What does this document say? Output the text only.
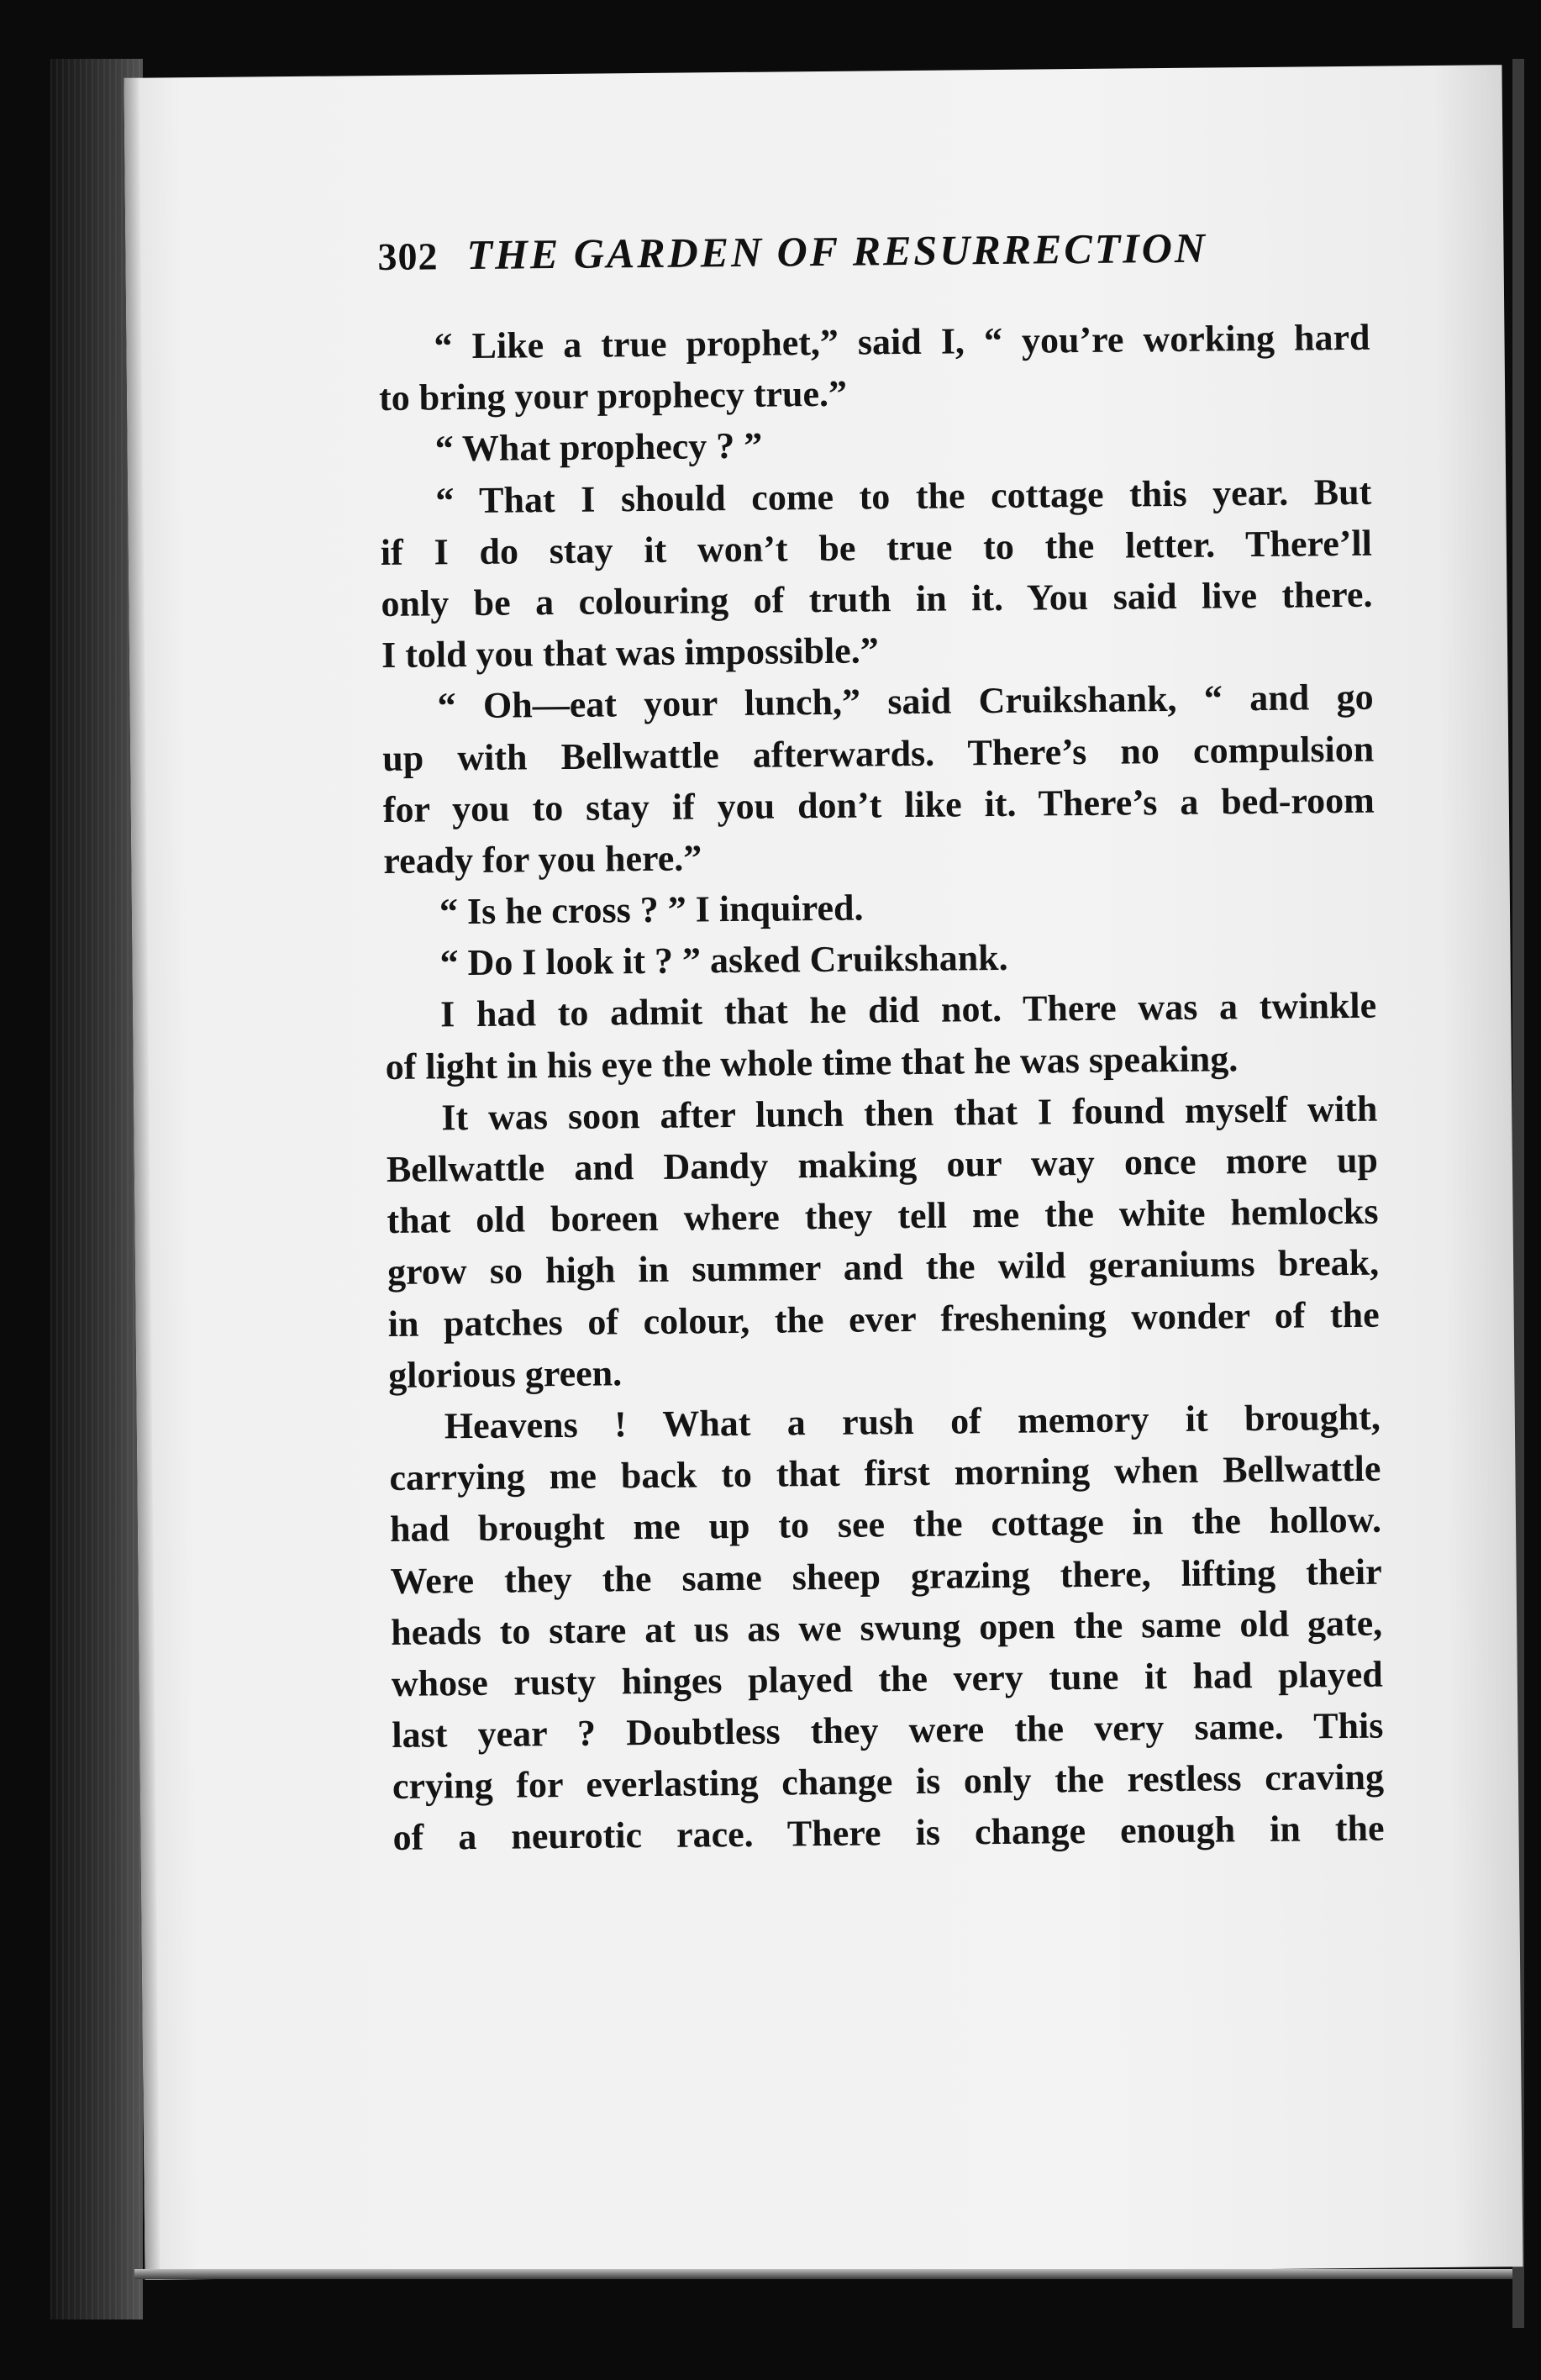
302 THE GARDEN OF RESURRECTION
“ Like a true prophet,” said I, “ you’re working hard
to bring your prophecy true.”
“ What prophecy ? ”
“ That I should come to the cottage this year. But
if I do stay it won’t be true to the letter. There’ll
only be a colouring of truth in it. You said live there.
I told you that was impossible.”
“ Oh—eat your lunch,” said Cruikshank, “ and go
up with Bellwattle afterwards. There’s no compulsion
for you to stay if you don’t like it. There’s a bed-room
ready for you here.”
“ Is he cross ? ” I inquired.
“ Do I look it ? ” asked Cruikshank.
I had to admit that he did not. There was a twinkle
of light in his eye the whole time that he was speaking.
It was soon after lunch then that I found myself with
Bellwattle and Dandy making our way once more up
that old boreen where they tell me the white hemlocks
grow so high in summer and the wild geraniums break,
in patches of colour, the ever freshening wonder of the
glorious green.
Heavens ! What a rush of memory it brought,
carrying me back to that first morning when Bellwattle
had brought me up to see the cottage in the hollow.
Were they the same sheep grazing there, lifting their
heads to stare at us as we swung open the same old gate,
whose rusty hinges played the very tune it had played
last year ? Doubtless they were the very same. This
crying for everlasting change is only the restless craving
of a neurotic race. There is change enough in the
